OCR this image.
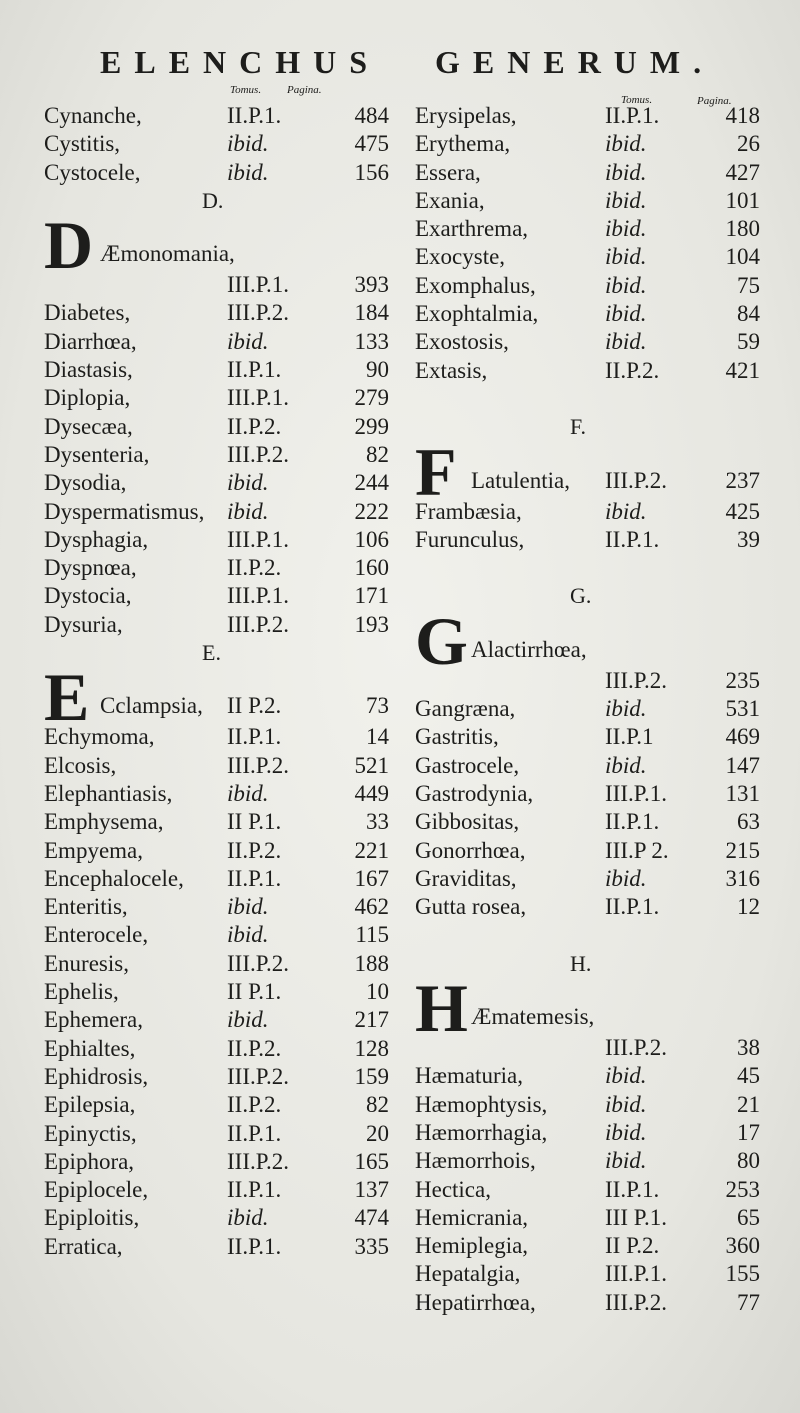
ELENCHUS GENERUM.
Tomus. Pagina.
Tomus.	Pagina.
Cynanche,	II.P.1.	484
Cystitis,	ibid.	475
Cystocele,	ibid.	156
D.
D Æmonomania,
III.P.1.	393
Diabetes,	III.P.2.	184
Diarrhœa,	ibid.	133
Diastasis,	II.P.1.	90
Diplopia,	III.P.1.	279
Dysecæa,	II.P.2.	299
Dysenteria,	III.P.2.	82
Dysodia,	ibid.	244
Dyspermatismus, ibid.	222
Dysphagia,	III.P.1.	106
Dyspnœa,	II.P.2.	160
Dystocia,	III.P.1.	171
Dysuria,	III.P.2.	193
E.
E Cclampsia, II P.2.	73
Echymoma,	II.P.1.	14
Elcosis,	III.P.2.	521
Elephantiasis, ibid.	449
Emphysema,	II P.1.	33
Empyema,	II.P.2.	221
Encephalocele, II.P.1.	167
Enteritis,	ibid.	462
Enterocele,	ibid.	115
Enuresis,	III.P.2.	188
Ephelis,	II P.1.	10
Ephemera,	ibid.	217
Ephialtes,	II.P.2.	128
Ephidrosis,	III.P.2.	159
Epilepsia,	II.P.2.	82
Epinyctis,	II.P.1.	20
Epiphora,	III.P.2.	165
Epiplocele,	II.P.1.	137
Epiploitis,	ibid.	474
Erratica,	II.P.1.	335
Erysipelas,	II.P.1.	418
Erythema,	ibid.	26
Essera,	ibid.	427
Exania,	ibid.	101
Exarthrema,	ibid.	180
Exocyste,	ibid.	104
Exomphalus,	ibid.	75
Exophtalmia,	ibid.	84
Exostosis,	ibid.	59
Extasis,	II.P.2.	421
F.
F Latulentia, III.P.2.	237
Frambæsia,	ibid.	425
Furunculus,	II.P.1.	39
G.
G Alactirrhœa,
III.P.2.	235
Gangræna,	ibid.	531
Gastritis,	II.P.1	469
Gastrocele,	ibid.	147
Gastrodynia,	III.P.1.	131
Gibbositas,	II.P.1.	63
Gonorrhœa,	III.P 2. 215
Graviditas,	ibid.	316
Gutta rosea,	II.P.1.	12
H.
H Æmatemesis,
III.P.2.	38
Hæmaturia,	ibid.	45
Hæmophtysis,	ibid.	21
Hæmorrhagia,	ibid.	17
Hæmorrhois,	ibid.	80
Hectica,	II.P.1.	253
Hemicrania,	III P.1.	65
Hemiplegia,	II P.2.	360
Hepatalgia,	III.P.1.	155
Hepatirrhœa,	III.P.2.	77
